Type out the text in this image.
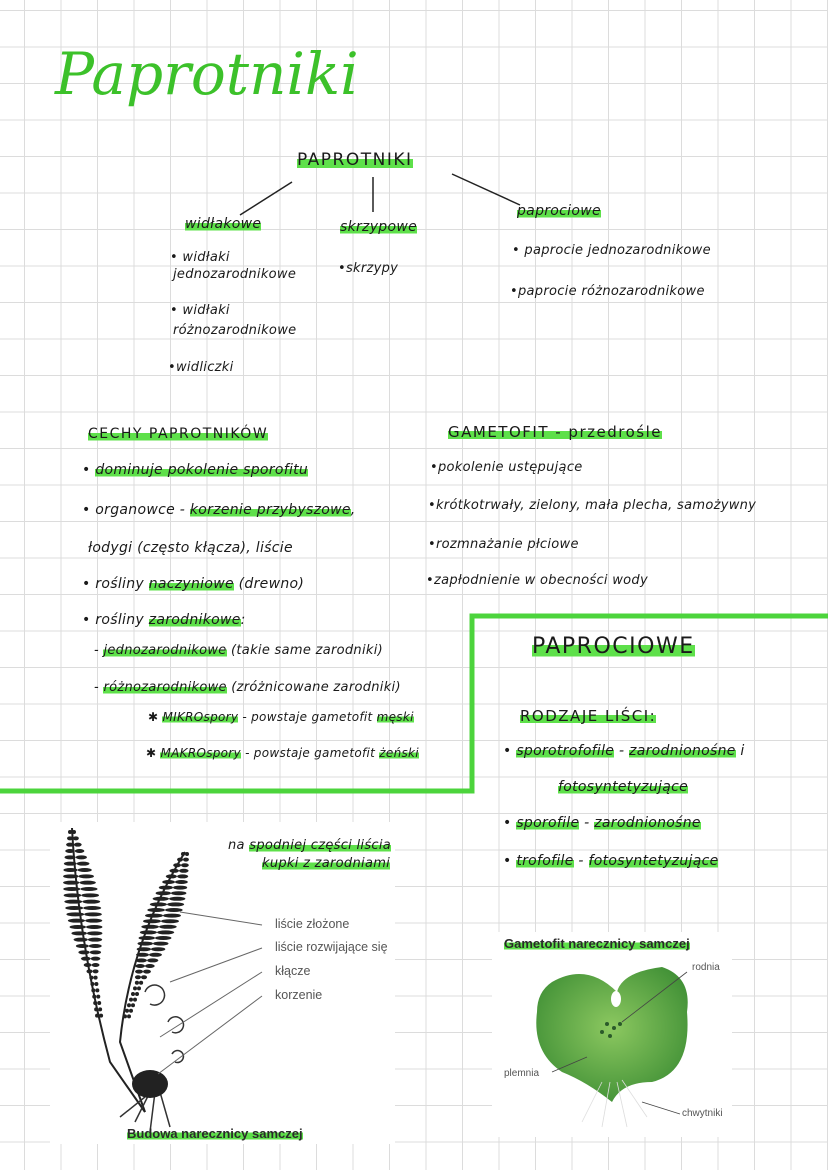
Paprotniki
PAPROTNIKI
widłakowe	skrzypowe
paprociowe
• widłaki
jednozarodnikowe
• widłaki
różnozarodnikowe
•widliczki
•skrzypy
• paprocie jednozarodnikowe
•paprocie różnozarodnikowe
CECHY PAPROTNIKÓW
• dominuje pokolenie sporofitu
• organowce - korzenie przybyszowe,
łodygi (często kłącza), liście
• rośliny naczyniowe (drewno)
• rośliny zarodnikowe:
- jednozarodnikowe (takie same zarodniki)
- różnozarodnikowe (zróżnicowane zarodniki)
✱ MIKROspory - powstaje gametofit męski
✱ MAKROspory - powstaje gametofit żeński
GAMETOFIT - przedrośle
•pokolenie ustępujące
•krótkotrwały, zielony, mała plecha, samożywny
•rozmnażanie płciowe
•zapłodnienie w obecności wody
PAPROCIOWE
RODZAJE LIŚCI:
• sporotrofofile - zarodnionośne i
fotosyntetyzujące
• sporofile - zarodnionośne
• trofofile - fotosyntetyzujące
liście złożone
liście rozwijające się
kłącze
korzenie
Budowa narecznicy samczej
na spodniej części liścia
kupki z zarodniami
Gametofit narecznicy samczej
rodnia
plemnia
chwytniki
